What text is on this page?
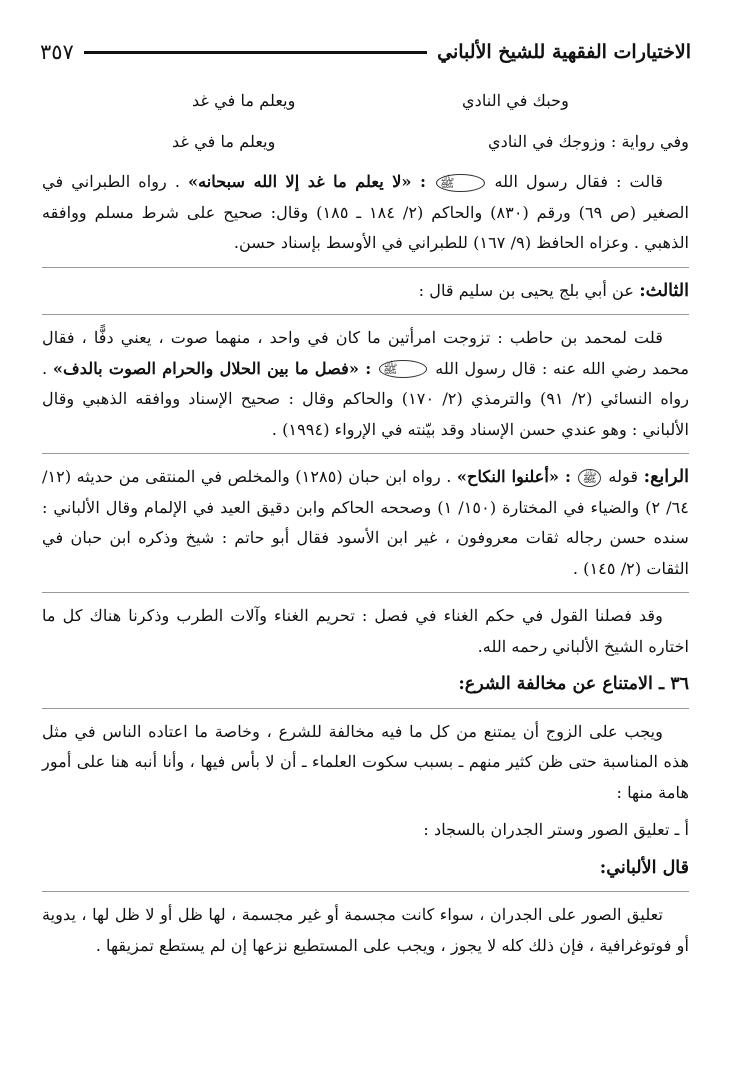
الاختيارات الفقهية للشيخ الألباني
٣٥٧
وحبك في النادي
ويعلم ما في غد
وفي رواية : وزوجك في النادي
ويعلم ما في غد

قالت : فقال رسول الله ﷺ : «لا يعلم ما غد إلا الله سبحانه» . رواه الطبراني في الصغير (ص ٦٩) ورقم (٨٣٠) والحاكم (٢/ ١٨٤ ـ ١٨٥) وقال: صحيح على شرط مسلم ووافقه الذهبي . وعزاه الحافظ (٩/ ١٦٧) للطبراني في الأوسط بإسناد حسن.

الثالث: عن أبي بلج يحيى بن سليم قال :

قلت لمحمد بن حاطب : تزوجت امرأتين ما كان في واحد ، منهما صوت ، يعني دفًّا ، فقال محمد رضي الله عنه : قال رسول الله ﷺ : «فصل ما بين الحلال والحرام الصوت بالدف» . رواه النسائي (٢/ ٩١) والترمذي (٢/ ١٧٠) والحاكم وقال : صحيح الإسناد ووافقه الذهبي وقال الألباني : وهو عندي حسن الإسناد وقد بيّنته في الإرواء (١٩٩٤) .

الرابع: قوله ﷺ : «أعلنوا النكاح» . رواه ابن حبان (١٢٨٥) والمخلص في المنتقى من حديثه (١٢/ ٦٤/ ٢) والضياء في المختارة (١٥٠/ ١) وصححه الحاكم وابن دقيق العيد في الإلمام وقال الألباني : سنده حسن رجاله ثقات معروفون ، غير ابن الأسود فقال أبو حاتم : شيخ وذكره ابن حبان في الثقات (٢/ ١٤٥) .

وقد فصلنا القول في حكم الغناء في فصل : تحريم الغناء وآلات الطرب وذكرنا هناك كل ما اختاره الشيخ الألباني رحمه الله.

٣٦ ـ الامتناع عن مخالفة الشرع:

ويجب على الزوج أن يمتنع من كل ما فيه مخالفة للشرع ، وخاصة ما اعتاده الناس في مثل هذه المناسبة حتى ظن كثير منهم ـ بسبب سكوت العلماء ـ أن لا بأس فيها ، وأنا أنبه هنا على أمور هامة منها :

أ ـ تعليق الصور وستر الجدران بالسجاد :

قال الألباني:

تعليق الصور على الجدران ، سواء كانت مجسمة أو غير مجسمة ، لها ظل أو لا ظل لها ، يدوية أو فوتوغرافية ، فإن ذلك كله لا يجوز ، ويجب على المستطيع نزعها إن لم يستطع تمزيقها .
